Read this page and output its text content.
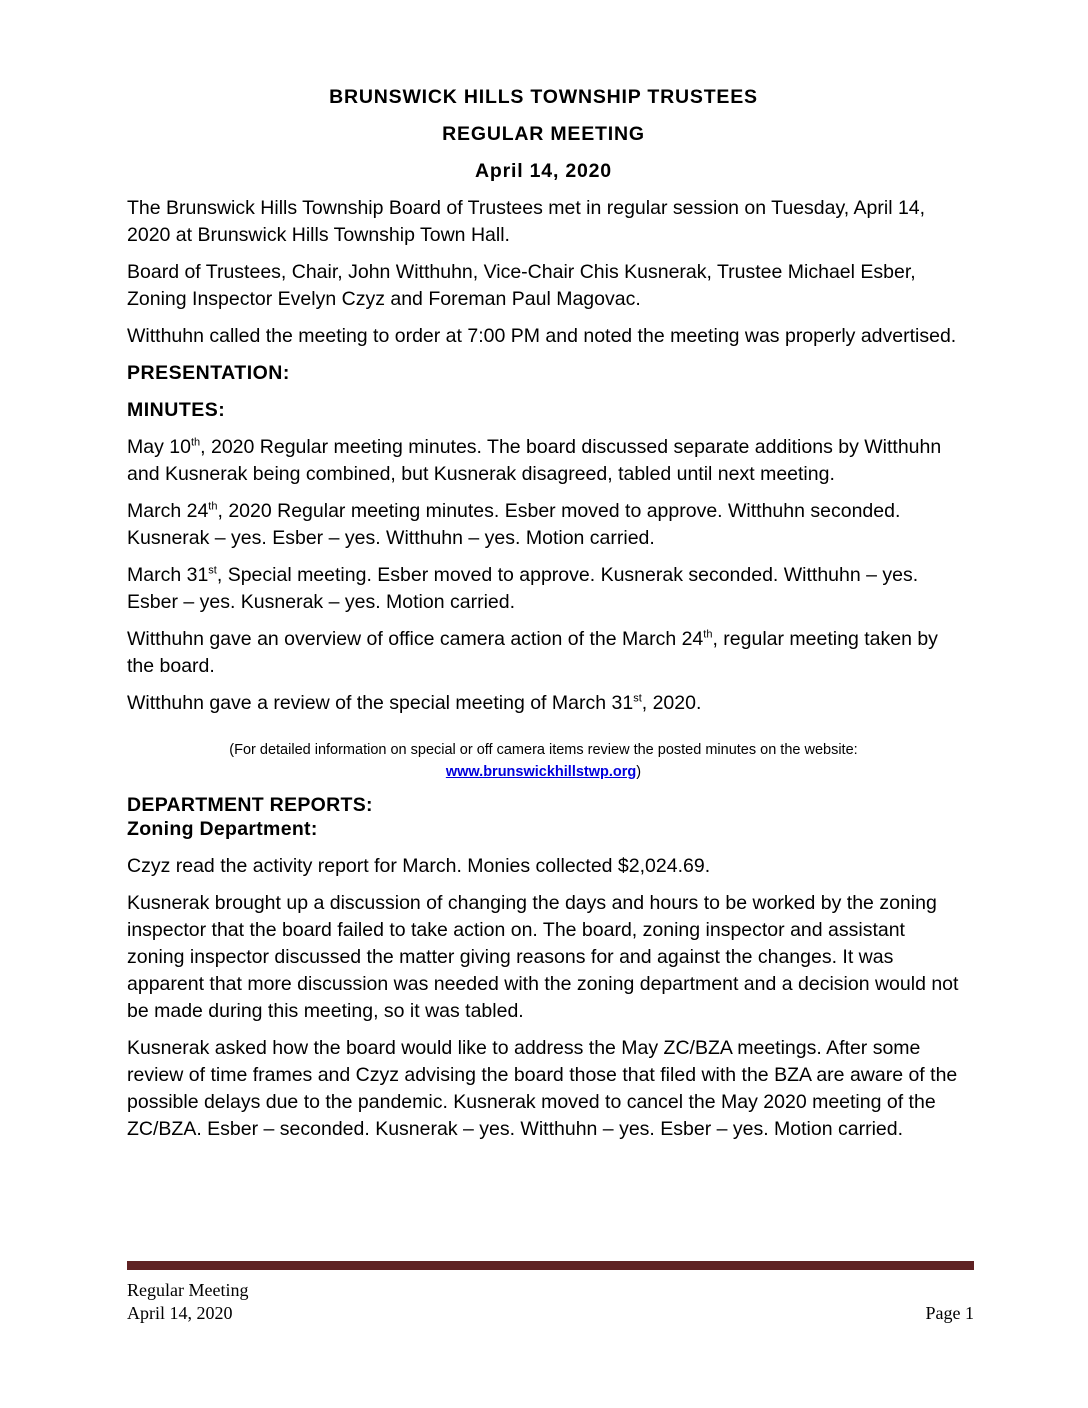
BRUNSWICK HILLS TOWNSHIP TRUSTEES
REGULAR MEETING
April 14, 2020

The Brunswick Hills Township Board of Trustees met in regular session on Tuesday, April 14, 2020 at Brunswick Hills Township Town Hall.

Board of Trustees, Chair, John Witthuhn, Vice-Chair Chis Kusnerak, Trustee Michael Esber, Zoning Inspector Evelyn Czyz and Foreman Paul Magovac.

Witthuhn called the meeting to order at 7:00 PM and noted the meeting was properly advertised.

PRESENTATION:

MINUTES:

May 10th, 2020 Regular meeting minutes. The board discussed separate additions by Witthuhn and Kusnerak being combined, but Kusnerak disagreed, tabled until next meeting.

March 24th, 2020 Regular meeting minutes. Esber moved to approve. Witthuhn seconded. Kusnerak – yes. Esber – yes. Witthuhn – yes. Motion carried.

March 31st, Special meeting. Esber moved to approve. Kusnerak seconded. Witthuhn – yes. Esber – yes. Kusnerak – yes. Motion carried.

Witthuhn gave an overview of office camera action of the March 24th, regular meeting taken by the board.

Witthuhn gave a review of the special meeting of March 31st, 2020.

(For detailed information on special or off camera items review the posted minutes on the website:
www.brunswickhillstwp.org)
DEPARTMENT REPORTS:
Zoning Department:

Czyz read the activity report for March. Monies collected $2,024.69.

Kusnerak brought up a discussion of changing the days and hours to be worked by the zoning inspector that the board failed to take action on. The board, zoning inspector and assistant zoning inspector discussed the matter giving reasons for and against the changes. It was apparent that more discussion was needed with the zoning department and a decision would not be made during this meeting, so it was tabled.

Kusnerak asked how the board would like to address the May ZC/BZA meetings. After some review of time frames and Czyz advising the board those that filed with the BZA are aware of the possible delays due to the pandemic. Kusnerak moved to cancel the May 2020 meeting of the ZC/BZA. Esber – seconded. Kusnerak – yes. Witthuhn – yes. Esber – yes. Motion carried.

Regular Meeting
April 14, 2020	Page 1
